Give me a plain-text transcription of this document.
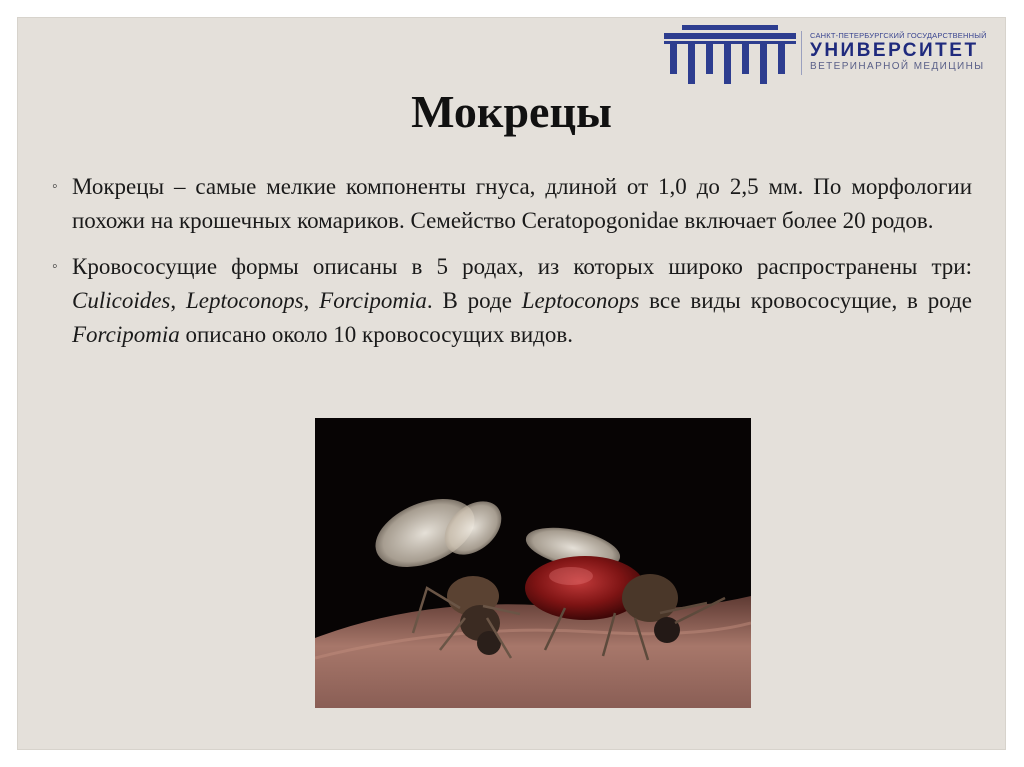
САНКТ-ПЕТЕРБУРГСКИЙ ГОСУДАРСТВЕННЫЙ
УНИВЕРСИТЕТ
ВЕТЕРИНАРНОЙ МЕДИЦИНЫ
Мокрецы
◦ Мокрецы – самые мелкие компоненты гнуса, длиной от 1,0 до 2,5 мм. По морфологии похожи на крошечных комариков. Семейство Ceratopogonidae включает более 20 родов.
◦ Кровососущие формы описаны в 5 родах, из которых широко распространены три: Culicoides, Leptoconops, Forcipomia. В роде Leptoconops все виды кровососущие, в роде Forcipomia описано около 10 кровососущих видов.
